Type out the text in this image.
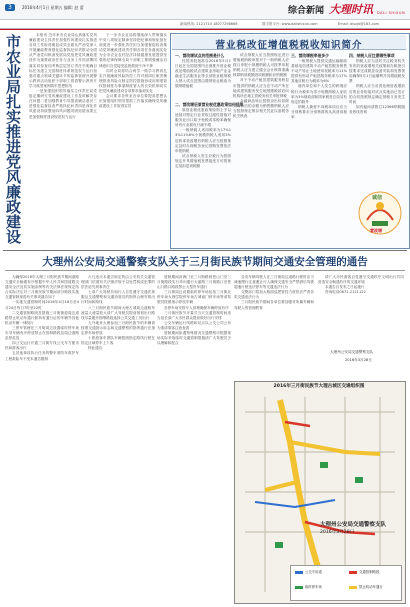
3	2016年4月1日 星期五 编辑: 赵 蕾	综合新闻 大理时讯 DALI SHIXUN
新闻热线: 2121710 18077298666	数字报平台: www.dalishixun.com	Email: dlsxjb@163.com
市农业局扎实推进党风廉政建设	本报讯 近年来市农业局认真落实党风廉政建设主体责任加强作风建设扎实推进各项工作取得明显成效全面从严治党深入开展廉政教育强化监督执纪问责推动全面从严治党向纵深发展局党组把党风廉政建设作为重要政治任务与业务工作同部署同落实同检查同考核层层签订责任书明确目标任务建立完善制度体系规范权力运行加强对重点领域关键环节的监督管理开展警示教育活动组织干部职工观看警示教育片学习典型案例筑牢思想防线

一是加强组织领导落实主体责任局党组定期研究党风廉政建设工作及时解决存在问题二是加强教育引导提高廉洁意识三是强化监督检查严格执纪问责四是深化作风建设持续整治四风问题巩固拓展成果五是加强制度建设规范权力运行

下一步市农业局将继续深入贯彻落实中央八项规定精神坚持把纪律和规矩挺在前面进一步强化责任担当加强督促检查推动党风廉政建设责任制各项任务落到实处为全市农业农村经济持续健康发展提供坚强的纪律保障全局干部职工要增强廉洁自律意识自觉接受监督做到干净干事

同时全局将结合两学一做学习教育扎实开展廉政风险防控工作对照岗位职责梳理排查风险点制定防控措施形成用制度管权按制度办事靠制度管人的长效机制切实把党风廉政建设各项要求落到实处

会议要求各科室各单位要提高思想认识加强组织领导狠抓工作落实确保党风廉政建设工作取得实效

营业税改征增值税税收知识简介
一、营改增试点的范围是什么

经国务院批准自2016年5月1日起在全国范围内全面推开营业税改征增值税试点建筑业房地产业金融业生活服务业等全部营业税纳税人纳入试点范围由缴纳营业税改为缴纳增值税

二、营改增后原营业税优惠政策如何延续

原营业税优惠政策原则上予以延续对特定行业采取过渡性措施对服务业出口给予免税或零税率确保所有行业税负只减不增

一般纳税人适用税率为17%13%11%6%小规模纳税人适用3%征收率营改增后纳税人应当按照规定及时办理税务登记领购发票依法申报纳税

试点纳税人发生应税行为按照规定开具增值税发票接受方可按规定抵扣进项税额

试点纳税人应当按照规定进行增值税纳税申报对于一般纳税人应按月申报小规模纳税人可按季申报纳税人应当建立健全会计核算准确核算销项税额进项税额和应纳税额

对于不动产租赁建筑服务跨县市提供的纳税人应当在不动产所在地或建筑服务发生地预缴税款后向机构所在地主管税务机关申报纳税

金融商品转让按照卖出价扣除买入价后的余额为销售额纳税人应当按照规定保存相关凭证以备税务机关核查

三、营改增税率是多少

一般纳税人提供交通运输邮政基础电信建筑不动产租赁服务销售不动产转让土地使用权税率为11%提供有形动产租赁服务税率为17%其他应税行为税率为6%

境内单位和个人发生的跨境应税行为税率为零小规模纳税人征收率为3%财政部和国家税务总局另有规定的除外

纳税人兼营不同税率项目应当分别核算未分别核算的从高适用税率

四、纳税人应注意哪些事项

纳税人应当及时关注税务机关发布的营改增相关政策和办税指引按要求完成税控设备安装和发票领用确保5月1日起顺利开具增值税发票

纳税人应当妥善处理营改增前后的业务衔接对试点实施前已签订的合同按照规定确定纳税义务发生时间

如有疑问请拨打12366纳税服务热线咨询

诚信
营改增
大理州公安局交通警察支队关于三月街民族节期间交通安全管理的通告

为确保2016年大理三月街民族节期间道路交通安全畅通有序根据中华人民共和国道路交通安全法及其实施条例等有关法律法规规定结合实际决定对三月街民族节期间部分路段实施交通管制现将有关事项通告如下

一实施交通管制时间2016年4月18日至4月24日每日7时至22时

二交通管制路段及措施三月街街道周边道路禁止机动车通行除持有通行证的车辆外其他机动车辆一律绕行

三停车管理在三月街周边设置临时停车场引导车辆有序停放禁止在管制路段及周边道路乱停乱放

四公交运行开通三月街专线公交车方便市民和游客出行

五其他事项执行任务的警车消防车救护车工程救险车不受本通告限制

六凡违反本通告规定的由公安机关交通管理部门依照有关法律法规予以处罚构成犯罪的依法追究刑事责任

七请广大驾驶员和行人自觉遵守交通法规服从交通警察和交通协管员的指挥合理安排出行时间和路线

八三月街民族节期间大理古城周边道路车流量人流量较大请广大驾驶员提前规划出行路线尽量避开拥堵路段选择公共交通工具出行

九外地来大理参加三月街民族节的车辆请按照交通指示标志和交通警察的指挥通行在指定停车场停放

十旅游客车团队车辆按照指定路线行驶在指定区域停车上下客

特此通告

管制期间洱海门至三月街路段苍山门至三月街路段实行单向通行大丽路三月街路口至苍山门路口路段禁止大型货车通行

三月街周边设置临时停车场包括三月街北停车场大理学院停车场古城南门停车场等请驾驶员按照指示停放车辆

各停车场安排专人管理确保车辆停放有序

三月街民族节开幕式当天交通管制时间适当延长请广大市民群众提前做好出行安排

公交车辆运行线路和站点以公交公司公布为准请乘客注意查看

管制期间如遇特殊情况交通警察可根据现场实际采取临时交通管制措施请广大驾驶员予以理解和配合

各类车辆驾驶人在三月街周边道路行驶时应当减速慢行注意避让行人确保交通安全严禁酒后驾驶超速行驶违法停车等交通违法行为

交警部门将加大路面巡逻管控力度依法严查各类交通违法行为

三月街民族节期间各单位要加强对所属车辆和驾驶人的管理教育

请广大市民游客自觉遵守交通秩序文明出行共同营造安全畅通有序的交通环境

本通告自发布之日起施行

咨询电话0872-2121122

大理州公安局交通警察支队
2016年3月28日
2016年三月街民族节大理古城区交通组织图
大理州公安局交通警察支队
2016年3月28日
公交专用道	交通管制路段
临时停车场	禁止机动车通行
